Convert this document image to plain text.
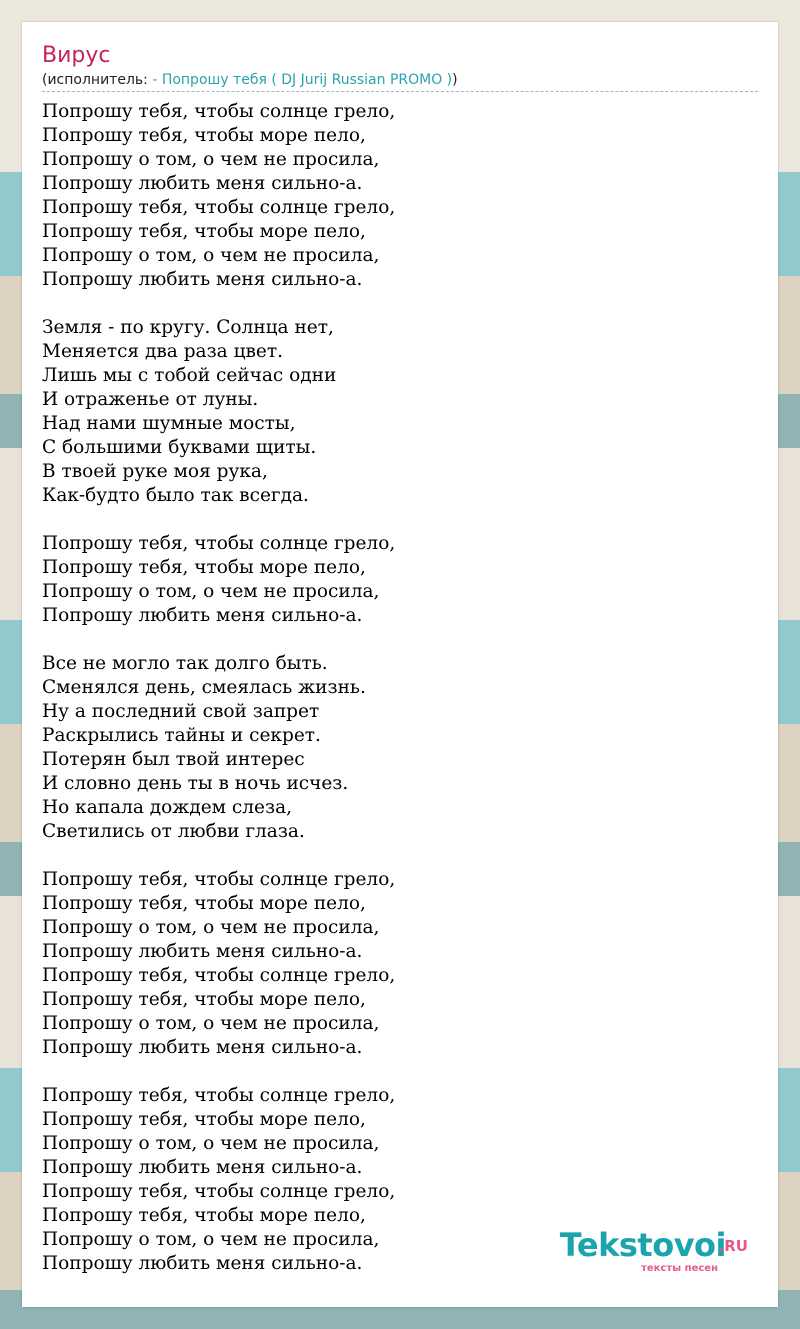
Вирус
(исполнитель: - Попрошу тебя ( DJ Jurij Russian PROMO ))
Попрошу тебя, чтобы солнце грело,
Попрошу тебя, чтобы море пело,
Попрошу о том, о чем не просила,
Попрошу любить меня сильно-а.
Попрошу тебя, чтобы солнце грело,
Попрошу тебя, чтобы море пело,
Попрошу о том, о чем не просила,
Попрошу любить меня сильно-а.
Земля - по кругу. Солнца нет,
Меняется два раза цвет.
Лишь мы с тобой сейчас одни
И отраженье от луны.
Над нами шумные мосты,
С большими буквами щиты.
В твоей руке моя рука,
Как-будто было так всегда.
Попрошу тебя, чтобы солнце грело,
Попрошу тебя, чтобы море пело,
Попрошу о том, о чем не просила,
Попрошу любить меня сильно-а.
Все не могло так долго быть.
Сменялся день, смеялась жизнь.
Ну а последний свой запрет
Раскрылись тайны и секрет.
Потерян был твой интерес
И словно день ты в ночь исчез.
Но капала дождем слеза,
Светились от любви глаза.
Попрошу тебя, чтобы солнце грело,
Попрошу тебя, чтобы море пело,
Попрошу о том, о чем не просила,
Попрошу любить меня сильно-а.
Попрошу тебя, чтобы солнце грело,
Попрошу тебя, чтобы море пело,
Попрошу о том, о чем не просила,
Попрошу любить меня сильно-а.
Попрошу тебя, чтобы солнце грело,
Попрошу тебя, чтобы море пело,
Попрошу о том, о чем не просила,
Попрошу любить меня сильно-а.
Попрошу тебя, чтобы солнце грело,
Попрошу тебя, чтобы море пело,
Попрошу о том, о чем не просила,
Попрошу любить меня сильно-а.	Tekstovoi
.RU
тексты песен
